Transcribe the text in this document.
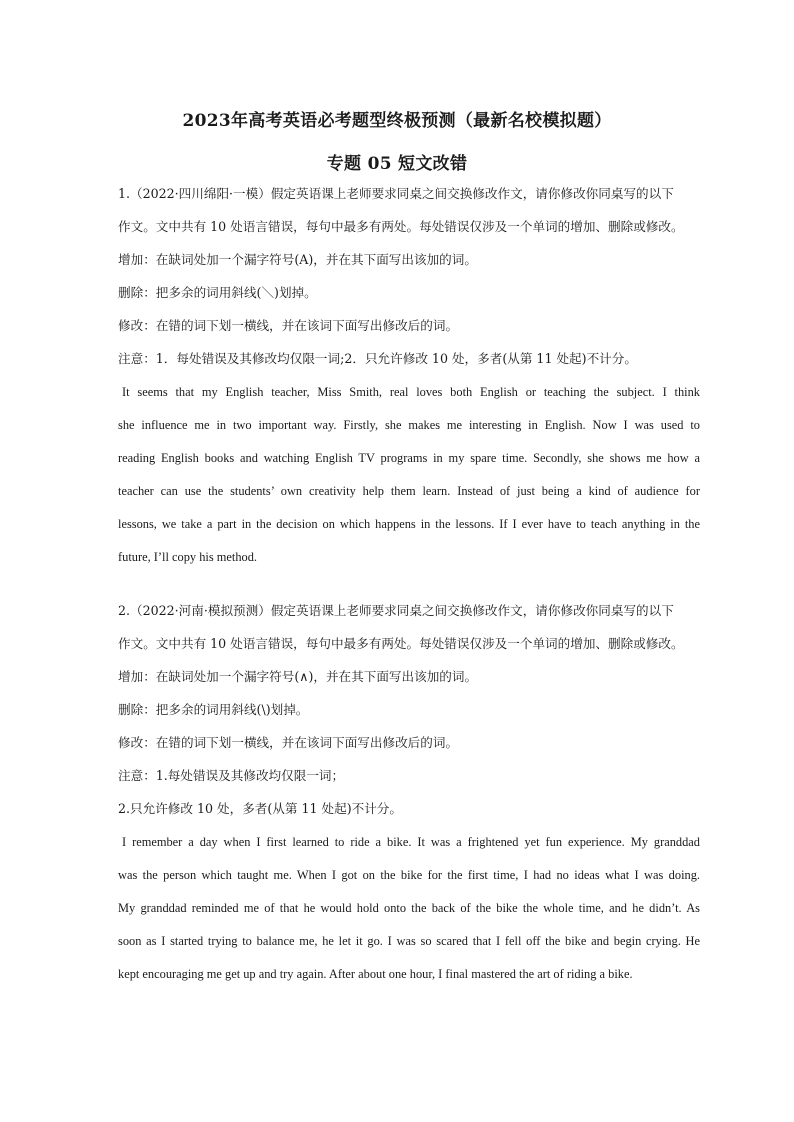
2023年高考英语必考题型终极预测（最新名校模拟题）
专题 05 短文改错
1.（2022·四川绵阳·一模）假定英语课上老师要求同桌之间交换修改作文，请你修改你同桌写的以下
作文。文中共有 10 处语言错误，每句中最多有两处。每处错误仅涉及一个单词的增加、删除或修改。
增加：在缺词处加一个漏字符号(A)，并在其下面写出该加的词。
删除：把多余的词用斜线(＼)划掉。
修改：在错的词下划一横线，并在该词下面写出修改后的词。
注意：1．每处错误及其修改均仅限一词;2．只允许修改 10 处，多者(从第 11 处起)不计分。
It seems that my English teacher, Miss Smith, real loves both English or teaching the subject. I think
she influence me in two important way. Firstly, she makes me interesting in English. Now I was used to
reading English books and watching English TV programs in my spare time. Secondly, she shows me how a
teacher can use the students’ own creativity help them learn. Instead of just being a kind of audience for
lessons, we take a part in the decision on which happens in the lessons. If I ever have to teach anything in the
future, I’ll copy his method.
2.（2022·河南·模拟预测）假定英语课上老师要求同桌之间交换修改作文，请你修改你同桌写的以下
作文。文中共有 10 处语言错误，每句中最多有两处。每处错误仅涉及一个单词的增加、删除或修改。
增加：在缺词处加一个漏字符号(∧)，并在其下面写出该加的词。
删除：把多余的词用斜线(\)划掉。
修改：在错的词下划一横线，并在该词下面写出修改后的词。
注意：1.每处错误及其修改均仅限一词；
2.只允许修改 10 处，多者(从第 11 处起)不计分。
I remember a day when I first learned to ride a bike. It was a frightened yet fun experience. My granddad
was the person which taught me. When I got on the bike for the first time, I had no ideas what I was doing.
My granddad reminded me of that he would hold onto the back of the bike the whole time, and he didn’t. As
soon as I started trying to balance me, he let it go. I was so scared that I fell off the bike and begin crying. He
kept encouraging me get up and try again. After about one hour, I final mastered the art of riding a bike.
